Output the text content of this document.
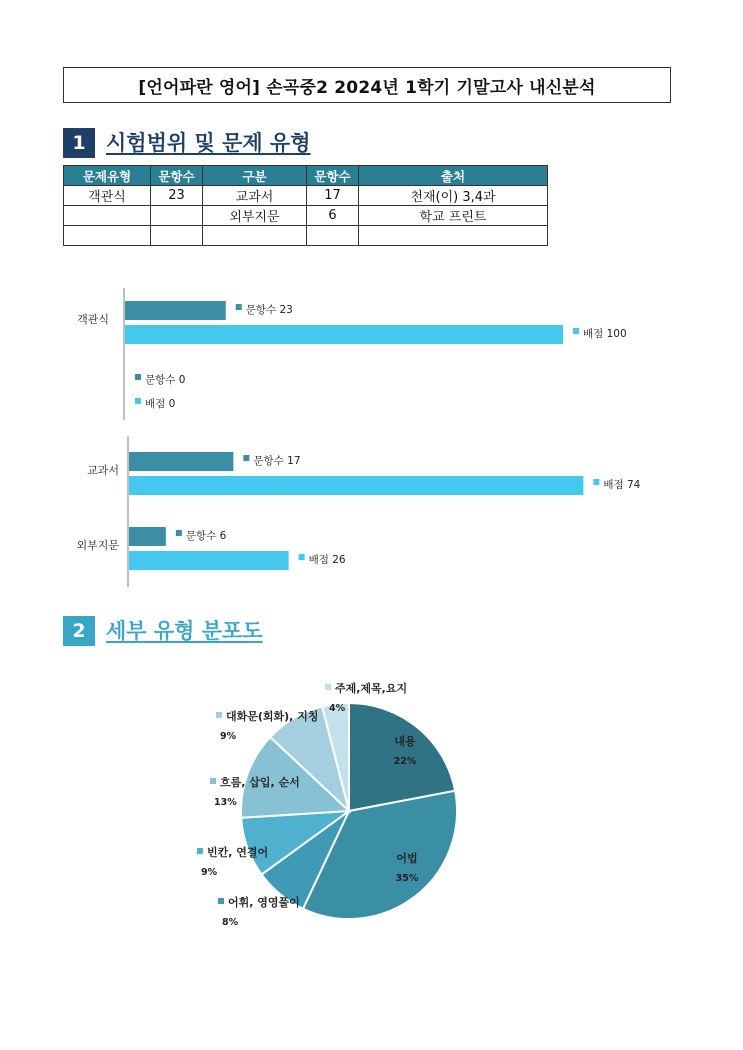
[언어파란 영어] 손곡중2 2024년 1학기 기말고사 내신분석
1 시험범위 및 문제 유형
문제유형	문항수	구분	문항수	출처
객관식	23	교과서	17	천재(이) 3,4과
		외부지문	6	학교 프린트

객관식
문항수 23
배점 100
문항수 0
배점 0
교과서
문항수 17
배점 74
외부지문
문항수 6
배점 26
2 세부 유형 분포도
내용
22%
어법
35%
어휘, 영영풀이
8%
빈칸, 연결어
9%
흐름, 삽입, 순서
13%
대화문(회화), 지칭
9%
주제,제목,요지
4%
